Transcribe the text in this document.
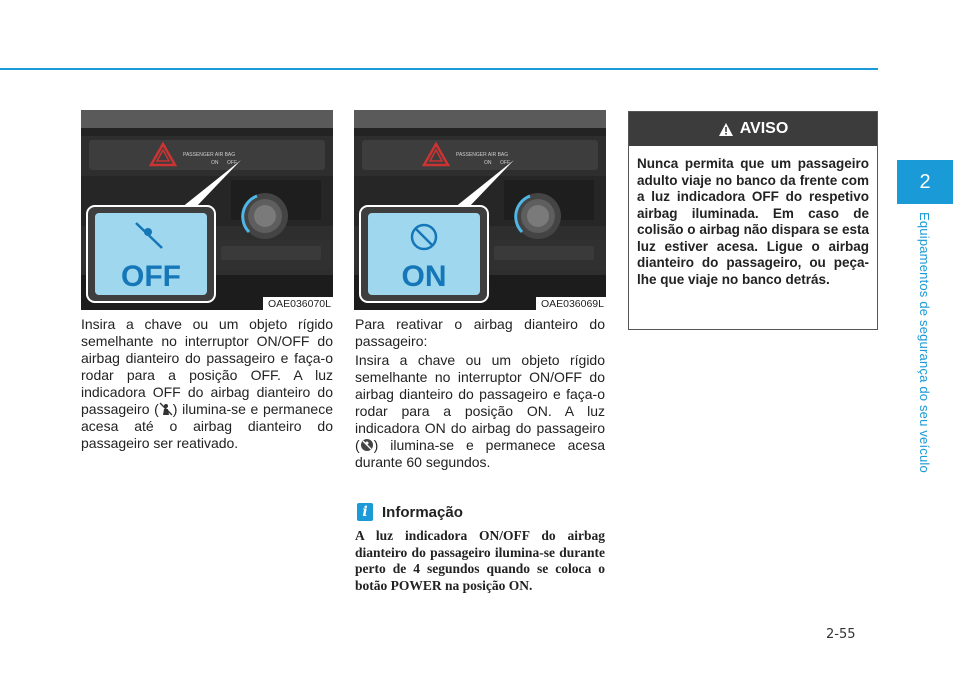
2
Equipamentos de segurança do seu veículo
PASSENGER AIR BAG
ON OFF
OFF
OAE036070L
PASSENGER AIR BAG
ON OFF
ON
OAE036069L

Insira a chave ou um objeto rígido semelhante no interruptor ON/OFF do airbag dianteiro do passageiro e faça-o rodar para a posição OFF. A luz indicadora OFF do airbag dianteiro do passageiro ( ) ilumina-se e permanece acesa até o airbag dianteiro do passageiro ser reativado.

Para reativar o airbag dianteiro do passageiro:

Insira a chave ou um objeto rígido semelhante no interruptor ON/OFF do airbag dianteiro do passageiro e faça-o rodar para a posição ON. A luz indicadora ON do airbag do passageiro ( ) ilumina-se e permanece acesa durante 60 segundos.

i Informação

A luz indicadora ON/OFF do airbag dianteiro do passageiro ilumina-se durante perto de 4 segundos quando se coloca o botão POWER na posição ON.

AVISO

Nunca permita que um passageiro adulto viaje no banco da frente com a luz indicadora OFF do respetivo airbag iluminada. Em caso de colisão o airbag não dispara se esta luz estiver acesa. Ligue o airbag dianteiro do passageiro, ou peça-lhe que viaje no banco detrás.

2-55
